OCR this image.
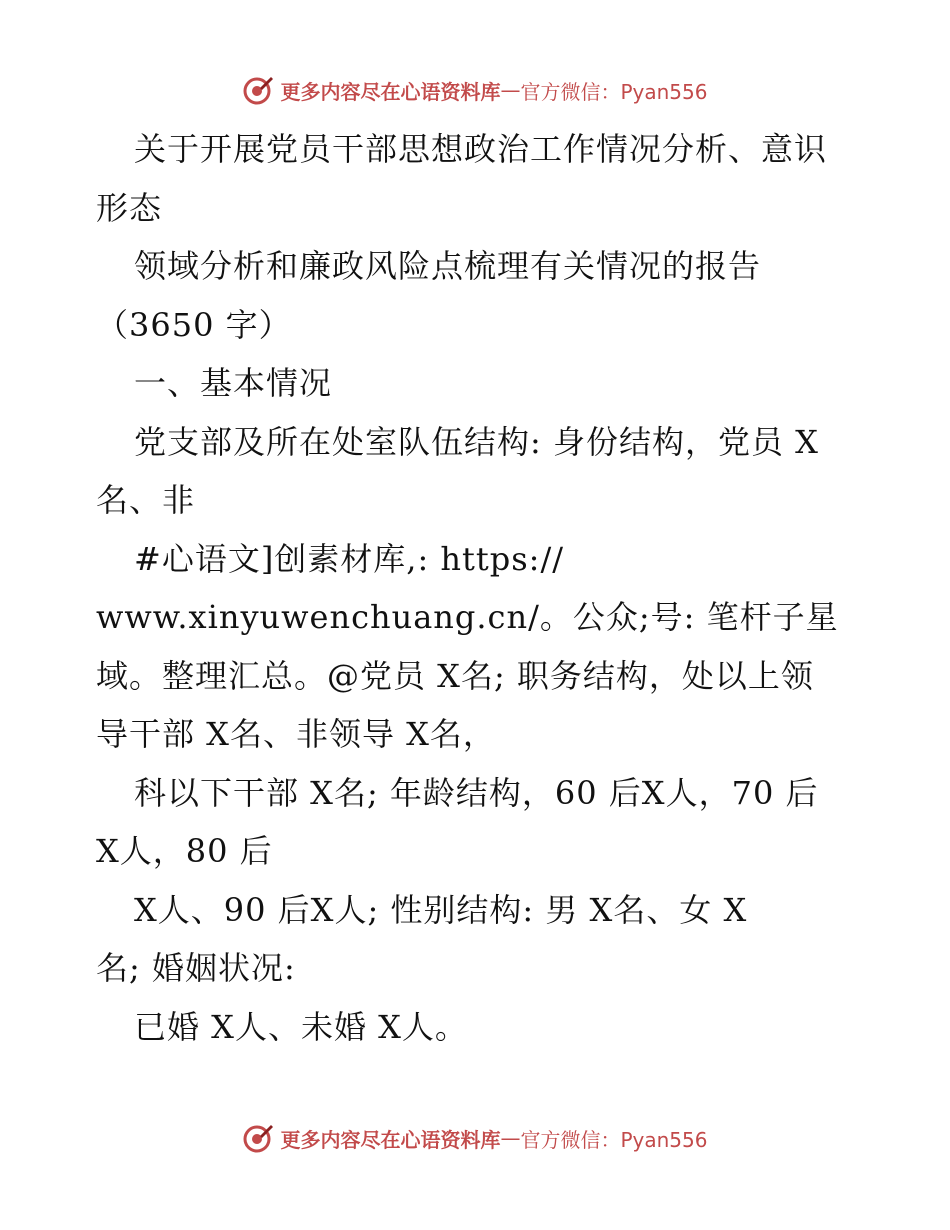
更多内容尽在心语资料库 — 官方微信：Pyan556
关于开展党员干部思想政治工作情况分析、意识
形态
领域分析和廉政风险点梳理有关情况的报告
（3650 字）
一、基本情况
党支部及所在处室队伍结构: 身份结构，党员 X
名、非
#心语文]创素材库,: https://
www.xinyuwenchuang.cn/。公众;号: 笔杆子星
域。整理汇总。@党员 X名; 职务结构，处以上领
导干部 X名、非领导 X名，
科以下干部 X名; 年龄结构，60 后X人，70 后
X人，80 后
X人、90 后X人; 性别结构: 男 X名、女 X
名; 婚姻状况:
已婚 X人、未婚 X人。
更多内容尽在心语资料库 — 官方微信：Pyan556
